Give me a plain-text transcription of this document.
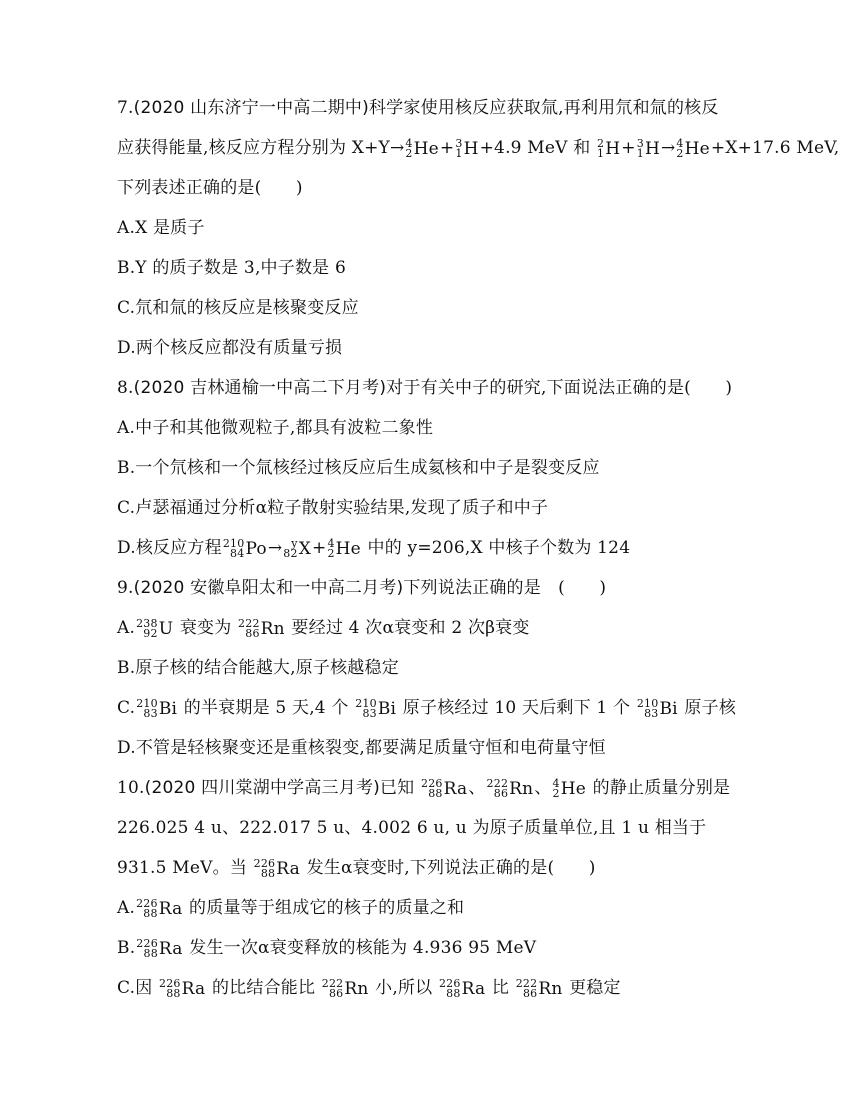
7.(2020 山东济宁一中高二期中)科学家使用核反应获取氚,再利用氘和氚的核反
应获得能量,核反应方程分别为 X+Y→ 4
2 He + 3
1 H +4.9 MeV 和 2
1 H + 3
1 H → 4
2 He +X+17.6 MeV,
下列表述正确的是(　　)
A.X 是质子
B.Y 的质子数是 3,中子数是 6
C.氘和氚的核反应是核聚变反应
D.两个核反应都没有质量亏损
8.(2020 吉林通榆一中高二下月考)对于有关中子的研究,下面说法正确的是(　　)
A.中子和其他微观粒子,都具有波粒二象性
B.一个氘核和一个氚核经过核反应后生成氦核和中子是裂变反应
C.卢瑟福通过分析α粒子散射实验结果,发现了质子和中子
D.核反应方程 210
84 Po → y
82 X + 4
2 He 中的 y=206,X 中核子个数为 124
9.(2020 安徽阜阳太和一中高二月考)下列说法正确的是　(　　)
A. 238
92 U 衰变为 222
86 Rn 要经过 4 次α衰变和 2 次β衰变
B.原子核的结合能越大,原子核越稳定
C. 210
83 Bi 的半衰期是 5 天,4 个 210
83 Bi 原子核经过 10 天后剩下 1 个 210
83 Bi 原子核
D.不管是轻核聚变还是重核裂变,都要满足质量守恒和电荷量守恒
10.(2020 四川棠湖中学高三月考)已知 226
88 Ra 、 222
86 Rn 、 4
2 He 的静止质量分别是
226.025 4 u、222.017 5 u、4.002 6 u, u 为原子质量单位,且 1 u 相当于
931.5 MeV。当 226
88 Ra 发生α衰变时,下列说法正确的是(　　)
A. 226
88 Ra 的质量等于组成它的核子的质量之和
B. 226
88 Ra 发生一次α衰变释放的核能为 4.936 95 MeV
C.因 226
88 Ra 的比结合能比 222
86 Rn 小,所以 226
88 Ra 比 222
86 Rn 更稳定
